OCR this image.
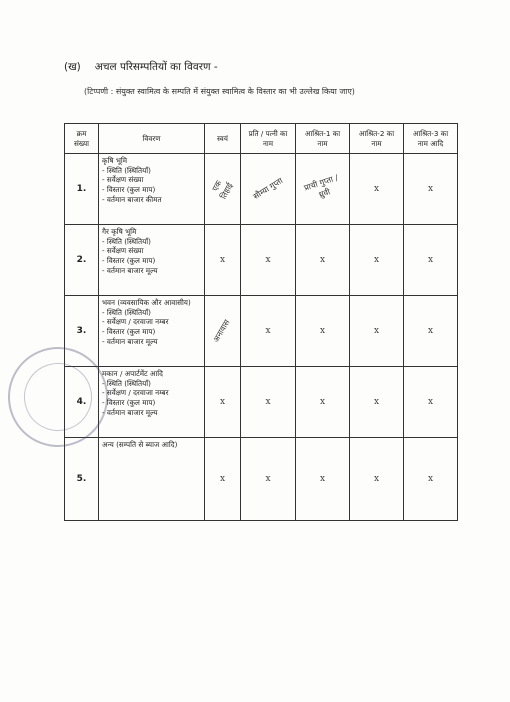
(ख) अचल परिसम्पतियों का विवरण -
(टिप्पणी : संयुक्त स्वामित्व के सम्पति में संयुक्त स्वामित्व के विस्तार का भी उल्लेख किया जाए)
क्रम संख्या	विवरण	स्वयं	प्रति / पत्नी का नाम	आश्रित-1 का नाम	आश्रित-2 का नाम	आश्रित-3 का नाम आदि
1.	कृषि भूमि
- स्थिति (स्थितियाँ)
- सर्वेक्षण संख्या
- विस्तार (कुल माप)
- वर्तमान बाजार कीमत	एक तिहाई	सौम्या गुप्ता	प्राची गुप्ता / ध्रुवी	x	x
2.	गैर कृषि भूमि
- स्थिति (स्थितियाँ)
- सर्वेक्षण संख्या
- विस्तार (कुल माप)
- वर्तमान बाजार मूल्य	x	x	x	x	x
3.	भवन (व्यवसायिक और आवासीय)
- स्थिति (स्थितियाँ)
- सर्वेक्षण / दरवाजा नम्बर
- विस्तार (कुल माप)
- वर्तमान बाजार मूल्य	अनावास	x	x	x	x
4.	मकान / अपार्टमेंट आदि
- स्थिति (स्थितियाँ)
- सर्वेक्षण / दरवाजा नम्बर
- विस्तार (कुल माप)
- वर्तमान बाजार मूल्य	x	x	x	x	x
5.	अन्य (सम्पति से ब्याज आदि)	x	x	x	x	x
